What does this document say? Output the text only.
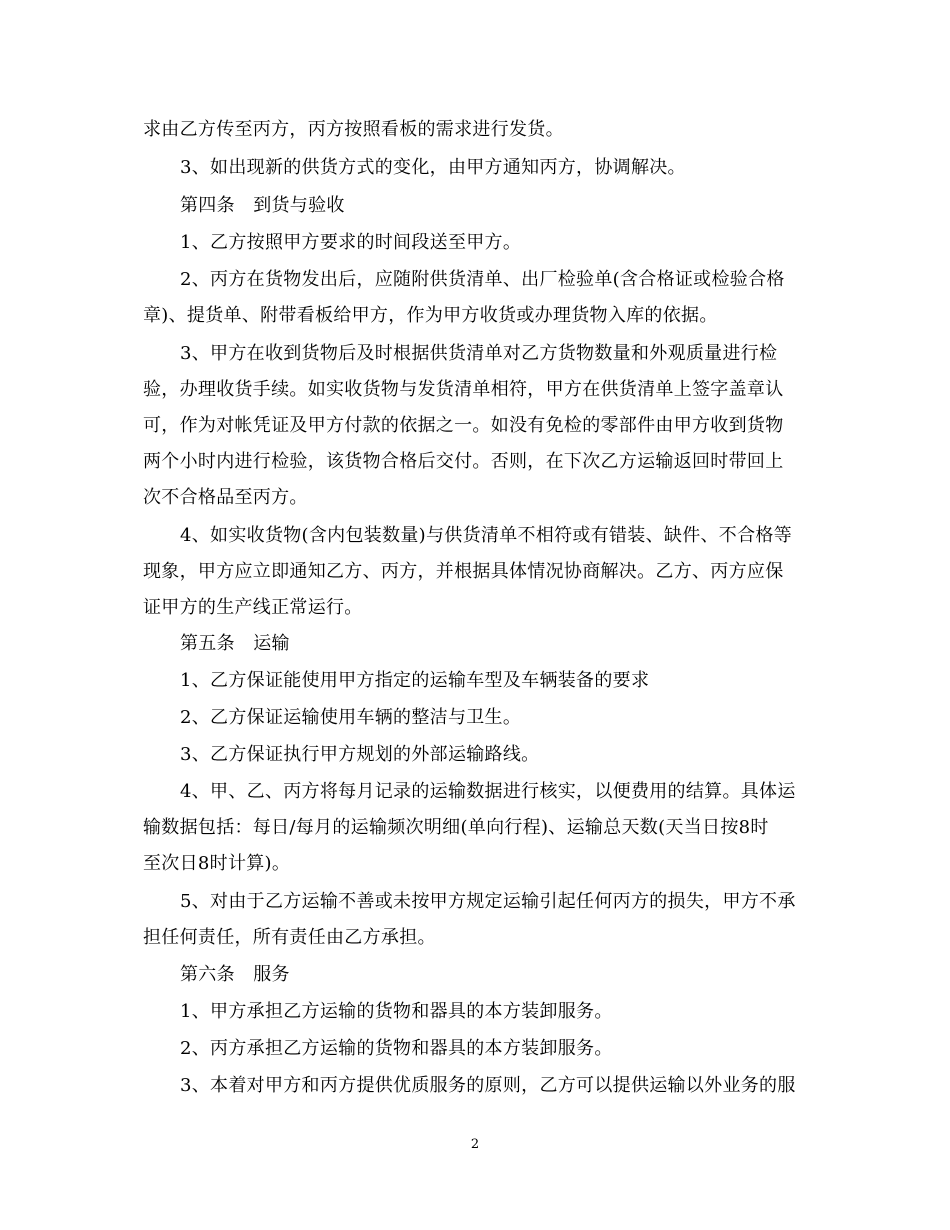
求由乙方传至丙方，丙方按照看板的需求进行发货。
3、如出现新的供货方式的变化，由甲方通知丙方，协调解决。
第四条　到货与验收
1、乙方按照甲方要求的时间段送至甲方。
2、丙方在货物发出后，应随附供货清单、出厂检验单(含合格证或检验合格
章)、提货单、附带看板给甲方，作为甲方收货或办理货物入库的依据。
3、甲方在收到货物后及时根据供货清单对乙方货物数量和外观质量进行检
验，办理收货手续。如实收货物与发货清单相符，甲方在供货清单上签字盖章认
可，作为对帐凭证及甲方付款的依据之一。如没有免检的零部件由甲方收到货物
两个小时内进行检验，该货物合格后交付。否则，在下次乙方运输返回时带回上
次不合格品至丙方。
4、如实收货物(含内包装数量)与供货清单不相符或有错装、缺件、不合格等
现象，甲方应立即通知乙方、丙方，并根据具体情况协商解决。乙方、丙方应保
证甲方的生产线正常运行。
第五条　运输
1、乙方保证能使用甲方指定的运输车型及车辆装备的要求
2、乙方保证运输使用车辆的整洁与卫生。
3、乙方保证执行甲方规划的外部运输路线。
4、甲、乙、丙方将每月记录的运输数据进行核实，以便费用的结算。具体运
输数据包括：每日/每月的运输频次明细(单向行程)、运输总天数(天当日按8时
至次日8时计算)。
5、对由于乙方运输不善或未按甲方规定运输引起任何丙方的损失，甲方不承
担任何责任，所有责任由乙方承担。
第六条　服务
1、甲方承担乙方运输的货物和器具的本方装卸服务。
2、丙方承担乙方运输的货物和器具的本方装卸服务。
3、本着对甲方和丙方提供优质服务的原则，乙方可以提供运输以外业务的服
2
